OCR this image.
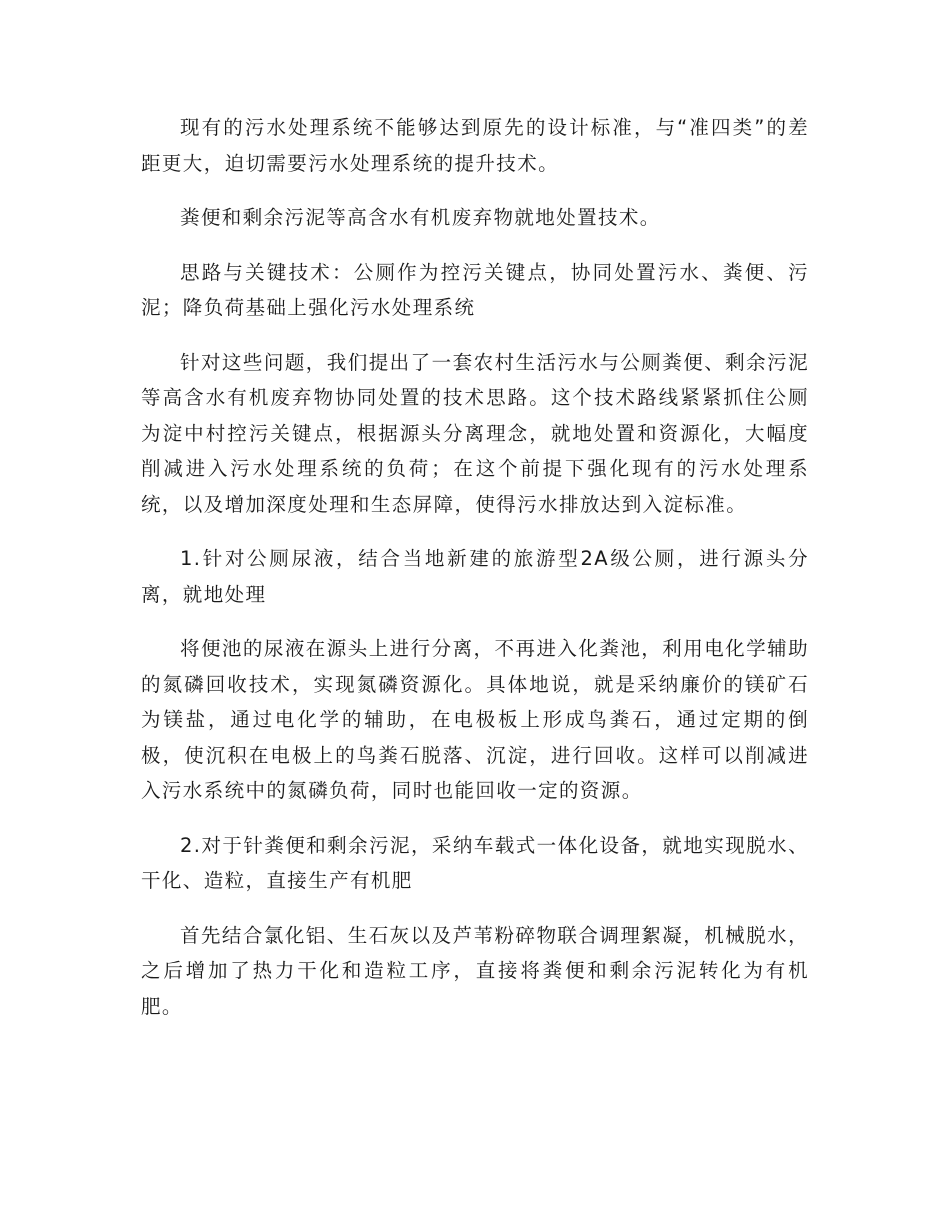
现有的污水处理系统不能够达到原先的设计标准，与“准四类”的差距更大，迫切需要污水处理系统的提升技术。

粪便和剩余污泥等高含水有机废弃物就地处置技术。

思路与关键技术：公厕作为控污关键点，协同处置污水、粪便、污泥；降负荷基础上强化污水处理系统

针对这些问题，我们提出了一套农村生活污水与公厕粪便、剩余污泥等高含水有机废弃物协同处置的技术思路。这个技术路线紧紧抓住公厕为淀中村控污关键点，根据源头分离理念，就地处置和资源化，大幅度削减进入污水处理系统的负荷；在这个前提下强化现有的污水处理系统，以及增加深度处理和生态屏障，使得污水排放达到入淀标准。

1.针对公厕尿液，结合当地新建的旅游型2A级公厕，进行源头分离，就地处理

将便池的尿液在源头上进行分离，不再进入化粪池，利用电化学辅助的氮磷回收技术，实现氮磷资源化。具体地说，就是采纳廉价的镁矿石为镁盐，通过电化学的辅助，在电极板上形成鸟粪石，通过定期的倒极，使沉积在电极上的鸟粪石脱落、沉淀，进行回收。这样可以削减进入污水系统中的氮磷负荷，同时也能回收一定的资源。

2.对于针粪便和剩余污泥，采纳车载式一体化设备，就地实现脱水、干化、造粒，直接生产有机肥

首先结合氯化铝、生石灰以及芦苇粉碎物联合调理絮凝，机械脱水，之后增加了热力干化和造粒工序，直接将粪便和剩余污泥转化为有机肥。
